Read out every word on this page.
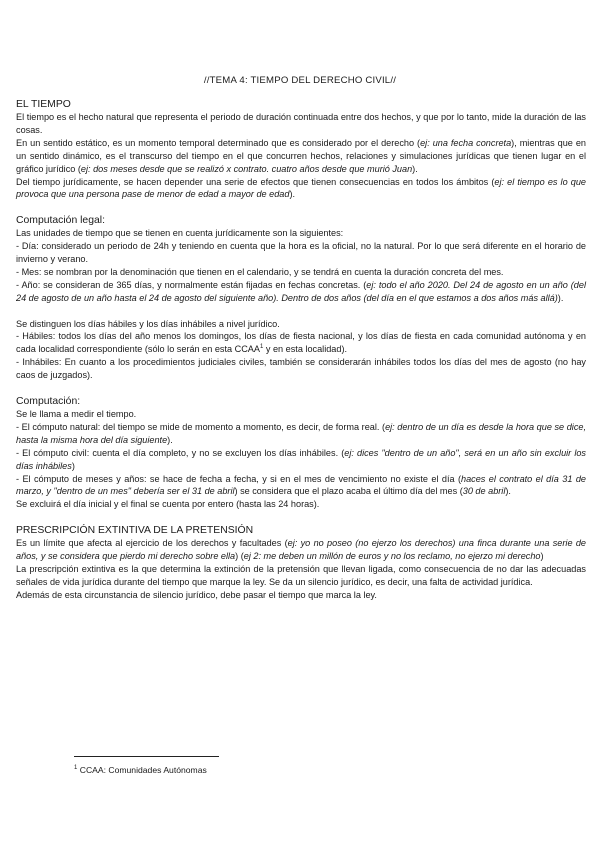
//TEMA 4: TIEMPO DEL DERECHO CIVIL//

EL TIEMPO

El tiempo es el hecho natural que representa el periodo de duración continuada entre dos hechos, y que por lo tanto, mide la duración de las cosas.

En un sentido estático, es un momento temporal determinado que es considerado por el derecho (ej: una fecha concreta), mientras que en un sentido dinámico, es el transcurso del tiempo en el que concurren hechos, relaciones y simulaciones jurídicas que tienen lugar en el gráfico jurídico (ej: dos meses desde que se realizó x contrato. cuatro años desde que murió Juan).

Del tiempo jurídicamente, se hacen depender una serie de efectos que tienen consecuencias en todos los ámbitos (ej: el tiempo es lo que provoca que una persona pase de menor de edad a mayor de edad).

Computación legal:

Las unidades de tiempo que se tienen en cuenta jurídicamente son la siguientes:

- Día: considerado un periodo de 24h y teniendo en cuenta que la hora es la oficial, no la natural. Por lo que será diferente en el horario de invierno y verano.

- Mes: se nombran por la denominación que tienen en el calendario, y se tendrá en cuenta la duración concreta del mes.

- Año: se consideran de 365 días, y normalmente están fijadas en fechas concretas. (ej: todo el año 2020. Del 24 de agosto en un año (del 24 de agosto de un año hasta el 24 de agosto del siguiente año). Dentro de dos años (del día en el que estamos a dos años más allá)).

Se distinguen los días hábiles y los días inhábiles a nivel jurídico.

- Hábiles: todos los días del año menos los domingos, los días de fiesta nacional, y los días de fiesta en cada comunidad autónoma y en cada localidad correspondiente (sólo lo serán en esta CCAA$^1$ y en esta localidad).

- Inhábiles: En cuanto a los procedimientos judiciales civiles, también se considerarán inhábiles todos los días del mes de agosto (no hay caos de juzgados).

Computación:

Se le llama a medir el tiempo.

- El cómputo natural: del tiempo se mide de momento a momento, es decir, de forma real. (ej: dentro de un día es desde la hora que se dice, hasta la misma hora del día siguiente).

- El cómputo civil: cuenta el día completo, y no se excluyen los días inhábiles. (ej: dices "dentro de un año", será en un año sin excluir los días inhábiles)

- El cómputo de meses y años: se hace de fecha a fecha, y si en el mes de vencimiento no existe el día (haces el contrato el día 31 de marzo, y "dentro de un mes" debería ser el 31 de abril) se considera que el plazo acaba el último día del mes (30 de abril).

Se excluirá el día inicial y el final se cuenta por entero (hasta las 24 horas).

PRESCRIPCIÓN EXTINTIVA DE LA PRETENSIÓN

Es un límite que afecta al ejercicio de los derechos y facultades (ej: yo no poseo (no ejerzo los derechos) una finca durante una serie de años, y se considera que pierdo mi derecho sobre ella) (ej 2: me deben un millón de euros y no los reclamo, no ejerzo mi derecho)

La prescripción extintiva es la que determina la extinción de la pretensión que llevan ligada, como consecuencia de no dar las adecuadas señales de vida jurídica durante del tiempo que marque la ley. Se da un silencio jurídico, es decir, una falta de actividad jurídica.

Además de esta circunstancia de silencio jurídico, debe pasar el tiempo que marca la ley.

$^1$ CCAA: Comunidades Autónomas
